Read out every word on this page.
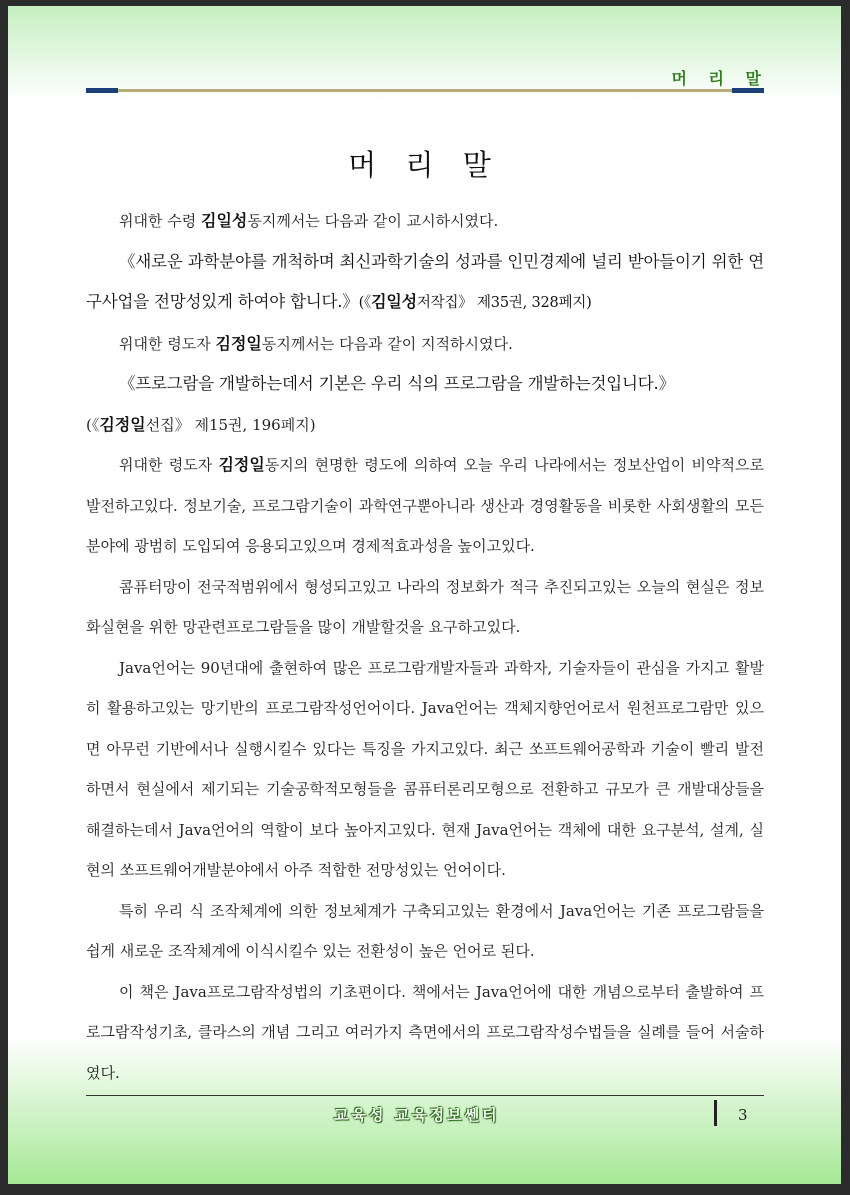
머 리 말
머 리 말

위대한 수령 김일성동지께서는 다음과 같이 교시하시였다.

《새로운 과학분야를 개척하며 최신과학기술의 성과를 인민경제에 널리 받아들이기 위한 연구사업을 전망성있게 하여야 합니다.》(《김일성저작집》 제35권, 328페지)

위대한 령도자 김정일동지께서는 다음과 같이 지적하시였다.

《프로그람을 개발하는데서 기본은 우리 식의 프로그람을 개발하는것입니다.》

(《김정일선집》 제15권, 196페지)

위대한 령도자 김정일동지의 현명한 령도에 의하여 오늘 우리 나라에서는 정보산업이 비약적으로 발전하고있다. 정보기술, 프로그람기술이 과학연구뿐아니라 생산과 경영활동을 비롯한 사회생활의 모든 분야에 광범히 도입되여 응용되고있으며 경제적효과성을 높이고있다.

콤퓨터망이 전국적범위에서 형성되고있고 나라의 정보화가 적극 추진되고있는 오늘의 현실은 정보화실현을 위한 망관련프로그람들을 많이 개발할것을 요구하고있다.

Java언어는 90년대에 출현하여 많은 프로그람개발자들과 과학자, 기술자들이 관심을 가지고 활발히 활용하고있는 망기반의 프로그람작성언어이다. Java언어는 객체지향언어로서 원천프로그람만 있으면 아무런 기반에서나 실행시킬수 있다는 특징을 가지고있다. 최근 쏘프트웨어공학과 기술이 빨리 발전하면서 현실에서 제기되는 기술공학적모형들을 콤퓨터론리모형으로 전환하고 규모가 큰 개발대상들을 해결하는데서 Java언어의 역할이 보다 높아지고있다. 현재 Java언어는 객체에 대한 요구분석, 설계, 실현의 쏘프트웨어개발분야에서 아주 적합한 전망성있는 언어이다.

특히 우리 식 조작체계에 의한 정보체계가 구축되고있는 환경에서 Java언어는 기존 프로그람들을 쉽게 새로운 조작체계에 이식시킬수 있는 전환성이 높은 언어로 된다.

이 책은 Java프로그람작성법의 기초편이다. 책에서는 Java언어에 대한 개념으로부터 출발하여 프로그람작성기초, 클라스의 개념 그리고 여러가지 측면에서의 프로그람작성수법들을 실례를 들어 서술하였다.

교육성 교육정보쎈터	3
